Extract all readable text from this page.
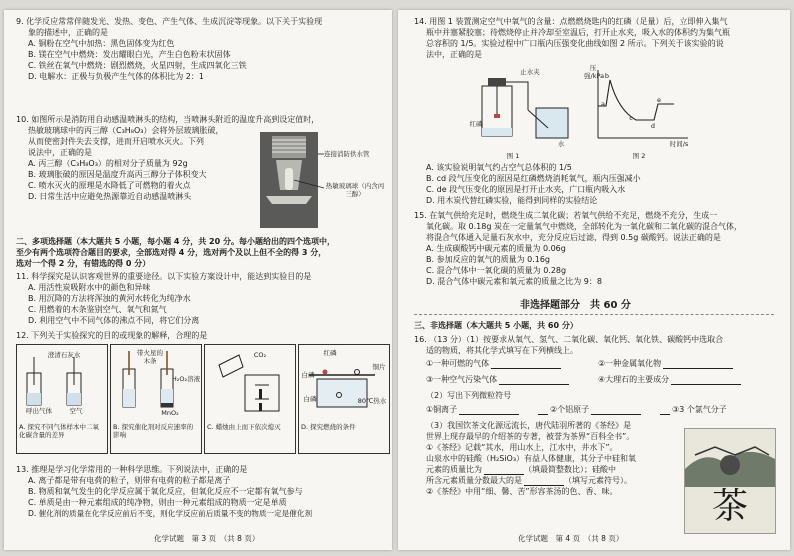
9. 化学反应常常伴随发光、发热、变色、产生气体、生成沉淀等现象。以下关于实验现
象的描述中，正确的是
A. 铜粉在空气中加热：黑色固体变为红色
B. 镁在空气中燃烧：发出耀眼白光，产生白色粉末状固体
C. 铁丝在氧气中燃烧：剧烈燃烧，火星四射，生成四氧化三铁
D. 电解水：正极与负极产生气体的体积比为 2：1
10. 如图所示是消防用自动感温喷淋头的结构，当喷淋头附近的温度升高到设定值时，
热敏玻璃球中的丙三醇（C₃H₈O₃）会将外层玻璃胀破，
从而使密封件失去支撑，进而开启喷水灭火。下列
说法中，正确的是
A. 丙三醇（C₃H₈O₃）的相对分子质量为 92g
B. 玻璃胀破的原因是温度升高丙三醇分子体积变大
C. 喷水灭火的原理是水降低了可燃物的着火点
D. 日常生活中应避免热源靠近自动感温喷淋头
连接消防供水管
热敏玻璃球（内含丙三醇）
二、多项选择题（本大题共 5 小题，每小题 4 分，共 20 分。每小题给出的四个选项中，
至少有两个选项符合题目的要求，全部选对得 4 分，选对两个及以上但不全的得 3 分，
选对一个得 2 分，有错选的得 0 分）
11. 科学探究是认识客观世界的重要途径。以下实验方案设计中，能达到实验目的是
A. 用活性炭吸附水中的颜色和异味
B. 用沉降的方法将浑浊的黄河水转化为纯净水
C. 用燃着的木条鉴别空气、氧气和氮气
D. 利用空气中不同气体的沸点不同，将它们分离
12. 下列关于实验探究的目的或现象的解释，合理的是
澄清石灰水
呼出气体	空气
A. 探究不同气体样本中二氧化碳含量的差异
带火星的木条
H₂O₂溶液
MnO₂
B. 探究催化剂对反应速率的影响
CO₂
C. 蜡烛由上而下依次熄灭
红磷
白磷
铜片
白磷	80℃热水
D. 探究燃烧的条件
13. 推理是学习化学常用的一种科学思维。下列说法中，正确的是
A. 离子都是带有电荷的粒子，则带有电荷的粒子都是离子
B. 物质和氧气发生的化学反应属于氧化反应，但氧化反应不一定都有氧气参与
C. 单质是由一种元素组成的纯净物，则由一种元素组成的物质一定是单质
D. 催化剂的质量在化学反应前后不变，则化学反应前后质量不变的物质一定是催化剂
化学试题　第 3 页　（共 8 页）
14. 用图 1 装置测定空气中氧气的含量：点燃燃烧匙内的红磷（足量）后，立即伸入集气
瓶中并塞紧胶塞；待燃烧停止并冷却至室温后，打开止水夹，吸入水的体积约为集气瓶
总容积的 1/5。实验过程中广口瓶内压强变化曲线如图 2 所示。下列关于该实验的说
法中，正确的是
止水夹
红磷
水
图 1
压强/kPa
时间/s
a
b
c
d
e
图 2
A. 该实验说明氧气约占空气总体积的 1/5
B. cd 段气压变化的原因是红磷燃烧消耗氧气，瓶内压强减小
C. de 段气压变化的原因是打开止水夹，广口瓶内吸入水
D. 用木炭代替红磷实验，能得到同样的实验结论
15. 在氧气供给充足时，燃烧生成二氧化碳；若氧气供给不充足，燃烧不充分，生成一
氧化碳。取 0.18g 炭在一定量氧气中燃烧，全部转化为一氧化碳和二氧化碳的混合气体，
将混合气体通入足量石灰水中，充分反应后过滤，得到 0.5g 碳酸钙。说法正确的是
A. 生成碳酸钙中碳元素的质量为 0.06g
B. 参加反应的氧气的质量为 0.16g
C. 混合气体中一氧化碳的质量为 0.28g
D. 混合气体中碳元素和氧元素的质量之比为 9：8
非选择题部分　共 60 分
三、非选择题（本大题共 5 小题，共 60 分）
16. （13 分）（1）按要求从氧气、氢气、二氧化碳、氧化钙、氧化铁、碳酸钙中选取合
适的物质，将其化学式填写在下列横线上。
①一种可燃的气体	②一种金属氧化物
③一种空气污染气体	④大理石的主要成分
（2）写出下列微粒符号
①铜离子	②个铝原子	③3 个氯气分子
（3）我国饮茶文化源远流长，唐代陆羽所著的《茶经》是
世界上现存最早的介绍茶的专著，被誉为茶界“百科全书”。
①《茶经》记载“其水，用山水上，江水中，井水下”。
山泉水中的硅酸（H₂SiO₃）有益人体健康，其分子中硅和氧
元素的质量比为	（填最简整数比）；硅酸中
所含元素质量分数最大的是	（填写元素符号）。
②《茶经》中用“细、馨、苦”形容茶汤的色、香、味。	茶
化学试题　第 4 页　（共 8 页）
